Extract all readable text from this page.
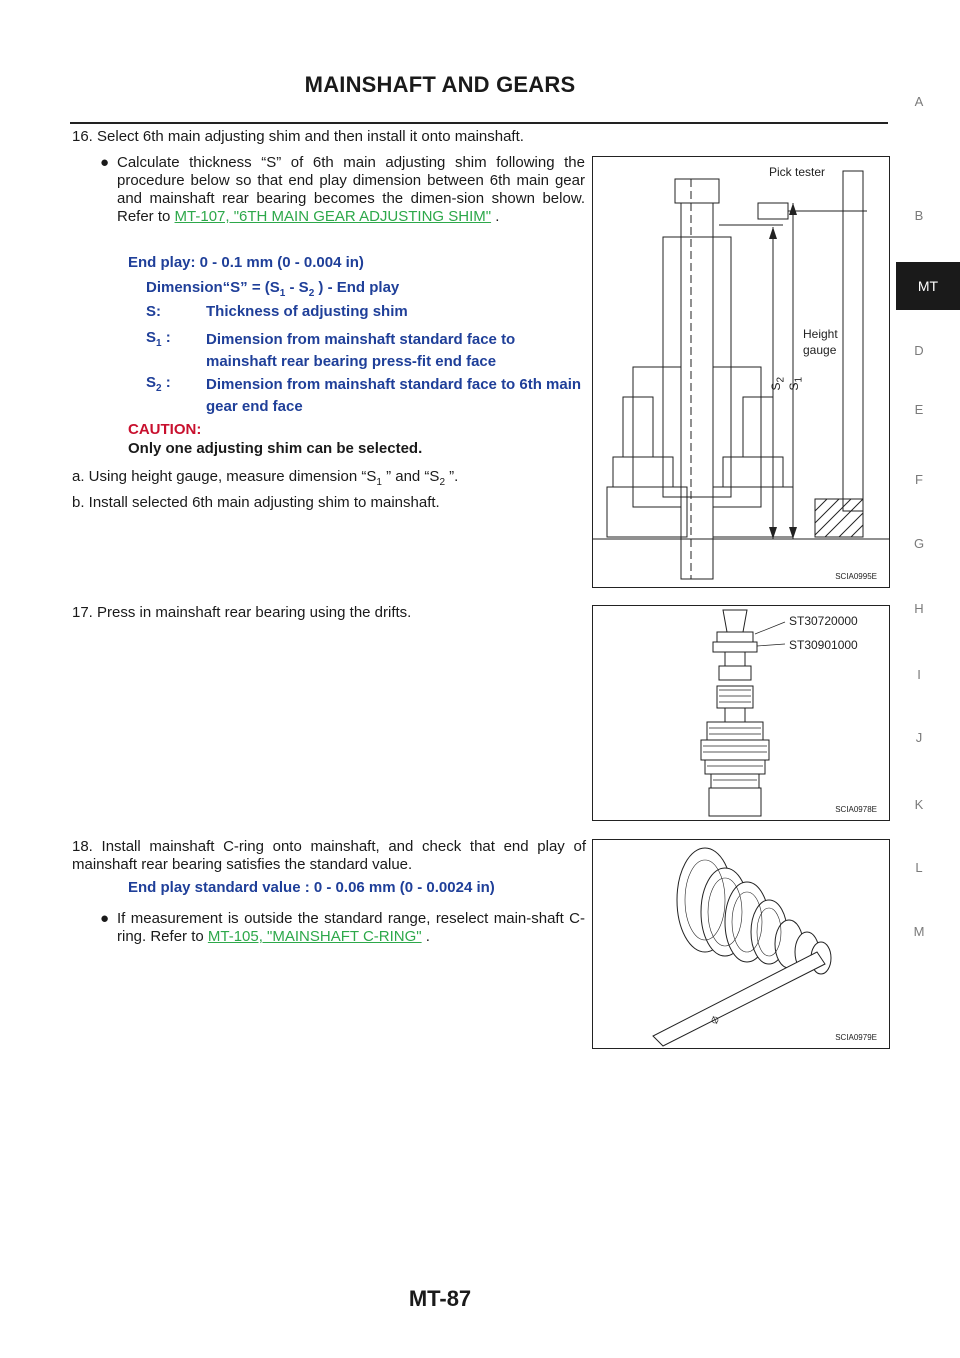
MAINSHAFT AND GEARS
A
B
MT
D
E
F
G
H
I
J
K
L
M
16. Select 6th main adjusting shim and then install it onto mainshaft.
● Calculate thickness “S” of 6th main adjusting shim following the procedure below so that end play dimension between 6th main gear and mainshaft rear bearing becomes the dimen-sion shown below. Refer to MT-107, "6TH MAIN GEAR ADJUSTING SHIM" .
End play: 0 - 0.1 mm (0 - 0.004 in)
Dimension“S” = ($S_1 - S_2$ ) - End play
S:	Thickness of adjusting shim
$S_1$ : Dimension from mainshaft standard face to mainshaft rear bearing press-fit end face
$S_2$ : Dimension from mainshaft standard face to 6th main gear end face
CAUTION:
Only one adjusting shim can be selected.
a. Using height gauge, measure dimension “$S_1$ ” and “$S_2$ ”.
b. Install selected 6th main adjusting shim to mainshaft.
Pick tester
Height
gauge
$S_2$
$S_1$
SCIA0995E
17. Press in mainshaft rear bearing using the drifts.	ST30720000
ST30901000
SCIA0978E
18. Install mainshaft C-ring onto mainshaft, and check that end play of mainshaft rear bearing satisfies the standard value.
End play standard value : 0 - 0.06 mm (0 - 0.0024 in)
● If measurement is outside the standard range, reselect main-shaft C-ring. Refer to MT-105, "MAINSHAFT C-RING" .
SCIA0979E
MT-87
